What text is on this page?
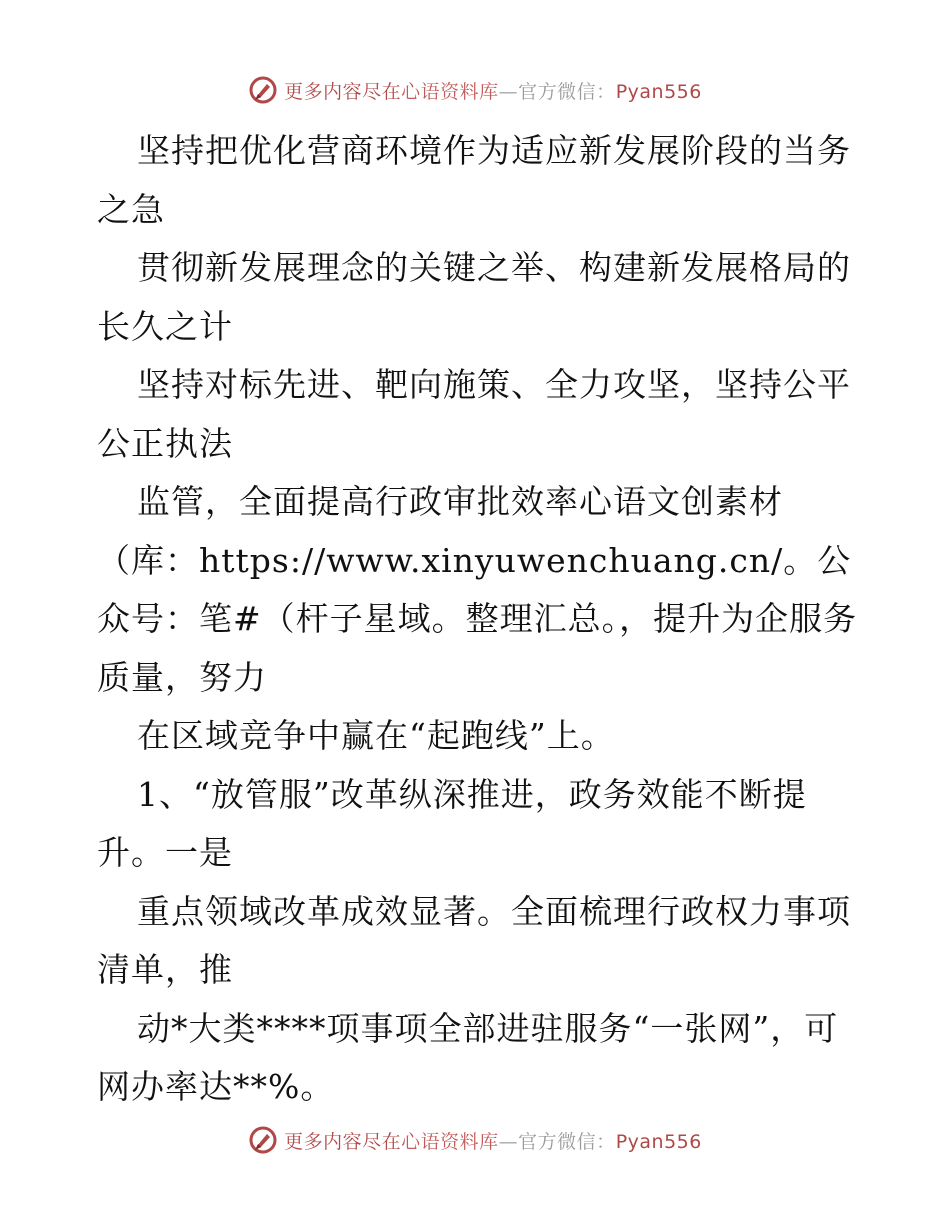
更多内容尽在心语资料库—官方微信：Pyan556

坚持把优化营商环境作为适应新发展阶段的当务之急

贯彻新发展理念的关键之举、构建新发展格局的长久之计

坚持对标先进、靶向施策、全力攻坚，坚持公平公正执法

监管，全面提高行政审批效率心语文创素材（库：https://www.xinyuwenchuang.cn/。公众号：笔#（杆子星域。整理汇总。，提升为企服务质量，努力

在区域竞争中赢在“起跑线”上。

1、“放管服”改革纵深推进，政务效能不断提升。一是

重点领域改革成效显著。全面梳理行政权力事项清单，推

动*大类****项事项全部进驻服务“一张网”，可网办率达**%。

更多内容尽在心语资料库—官方微信：Pyan556
